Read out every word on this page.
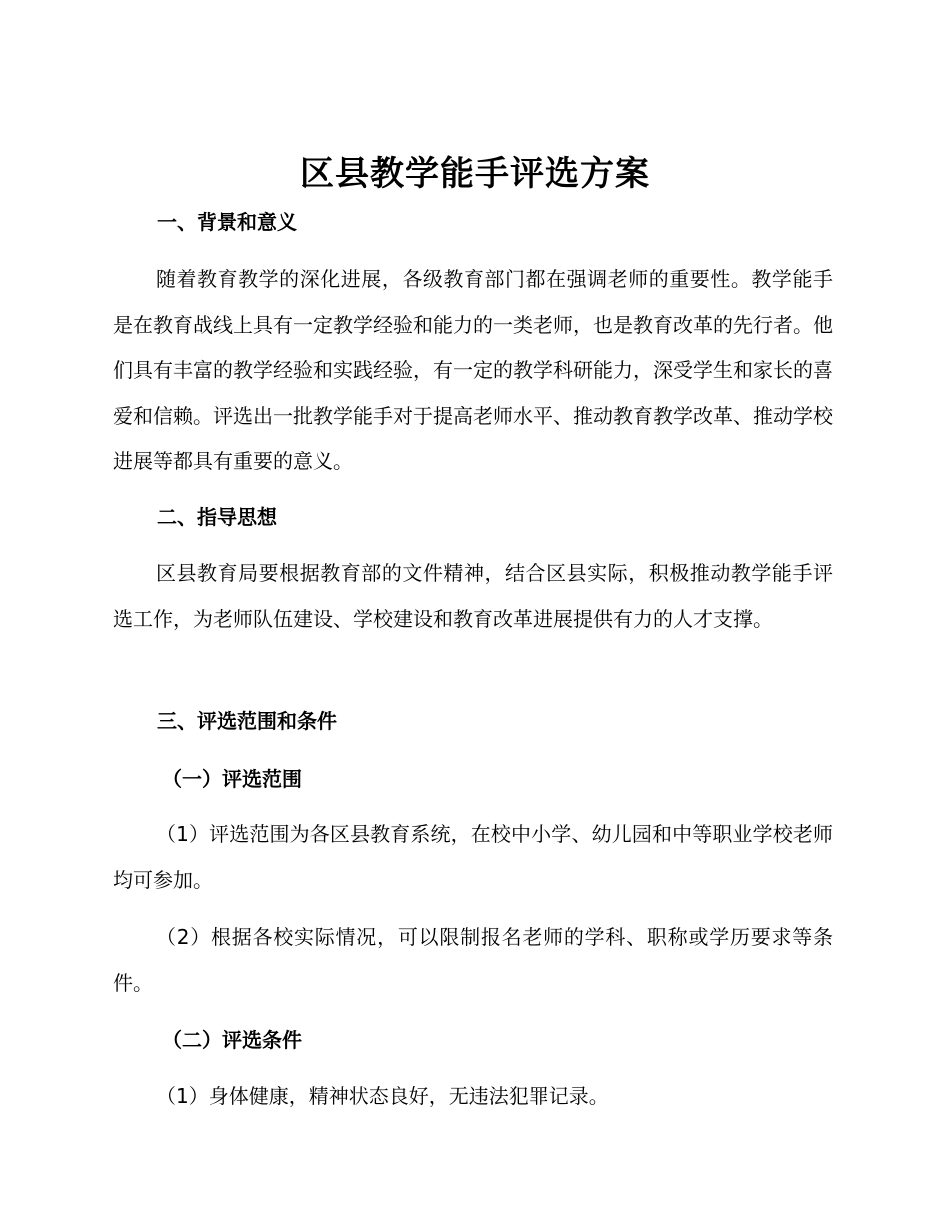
区县教学能手评选方案
一、背景和意义

随着教育教学的深化进展，各级教育部门都在强调老师的重要性。教学能手是在教育战线上具有一定教学经验和能力的一类老师，也是教育改革的先行者。他们具有丰富的教学经验和实践经验，有一定的教学科研能力，深受学生和家长的喜爱和信赖。评选出一批教学能手对于提高老师水平、推动教育教学改革、推动学校进展等都具有重要的意义。

二、指导思想

区县教育局要根据教育部的文件精神，结合区县实际，积极推动教学能手评选工作，为老师队伍建设、学校建设和教育改革进展提供有力的人才支撑。

三、评选范围和条件
（一）评选范围

（1）评选范围为各区县教育系统，在校中小学、幼儿园和中等职业学校老师均可参加。

（2）根据各校实际情况，可以限制报名老师的学科、职称或学历要求等条件。

（二）评选条件

（1）身体健康，精神状态良好，无违法犯罪记录。
